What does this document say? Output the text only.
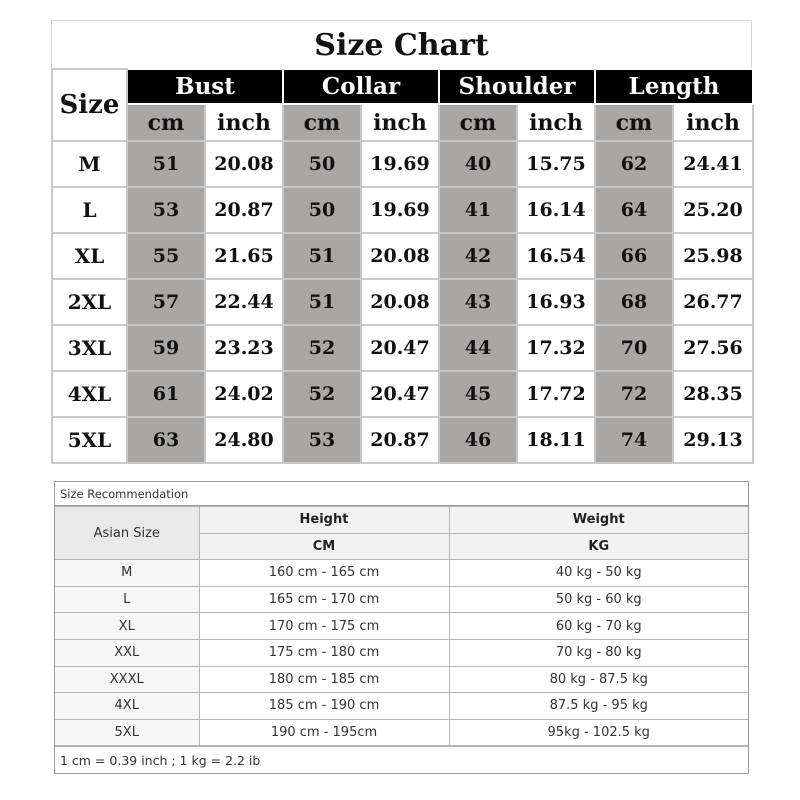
Size Chart
Size	Bust		Collar		Shoulder		Length	
	cm	inch	cm	inch	cm	inch	cm	inch
M	51	20.08	50	19.69	40	15.75	62	24.41
L	53	20.87	50	19.69	41	16.14	64	25.20
XL	55	21.65	51	20.08	42	16.54	66	25.98
2XL	57	22.44	51	20.08	43	16.93	68	26.77
3XL	59	23.23	52	20.47	44	17.32	70	27.56
4XL	61	24.02	52	20.47	45	17.72	72	28.35
5XL	63	24.80	53	20.87	46	18.11	74	29.13
Size Recommendation
Asian Size	Height	Weight
	CM	KG
M	160 cm - 165 cm	40 kg - 50 kg
L	165 cm - 170 cm	50 kg - 60 kg
XL	170 cm - 175 cm	60 kg - 70 kg
XXL	175 cm - 180 cm	70 kg - 80 kg
XXXL	180 cm - 185 cm	80 kg - 87.5 kg
4XL	185 cm - 190 cm	87.5 kg - 95 kg
5XL	190 cm - 195cm	95kg - 102.5 kg
1 cm = 0.39 inch ; 1 kg = 2.2 ib
